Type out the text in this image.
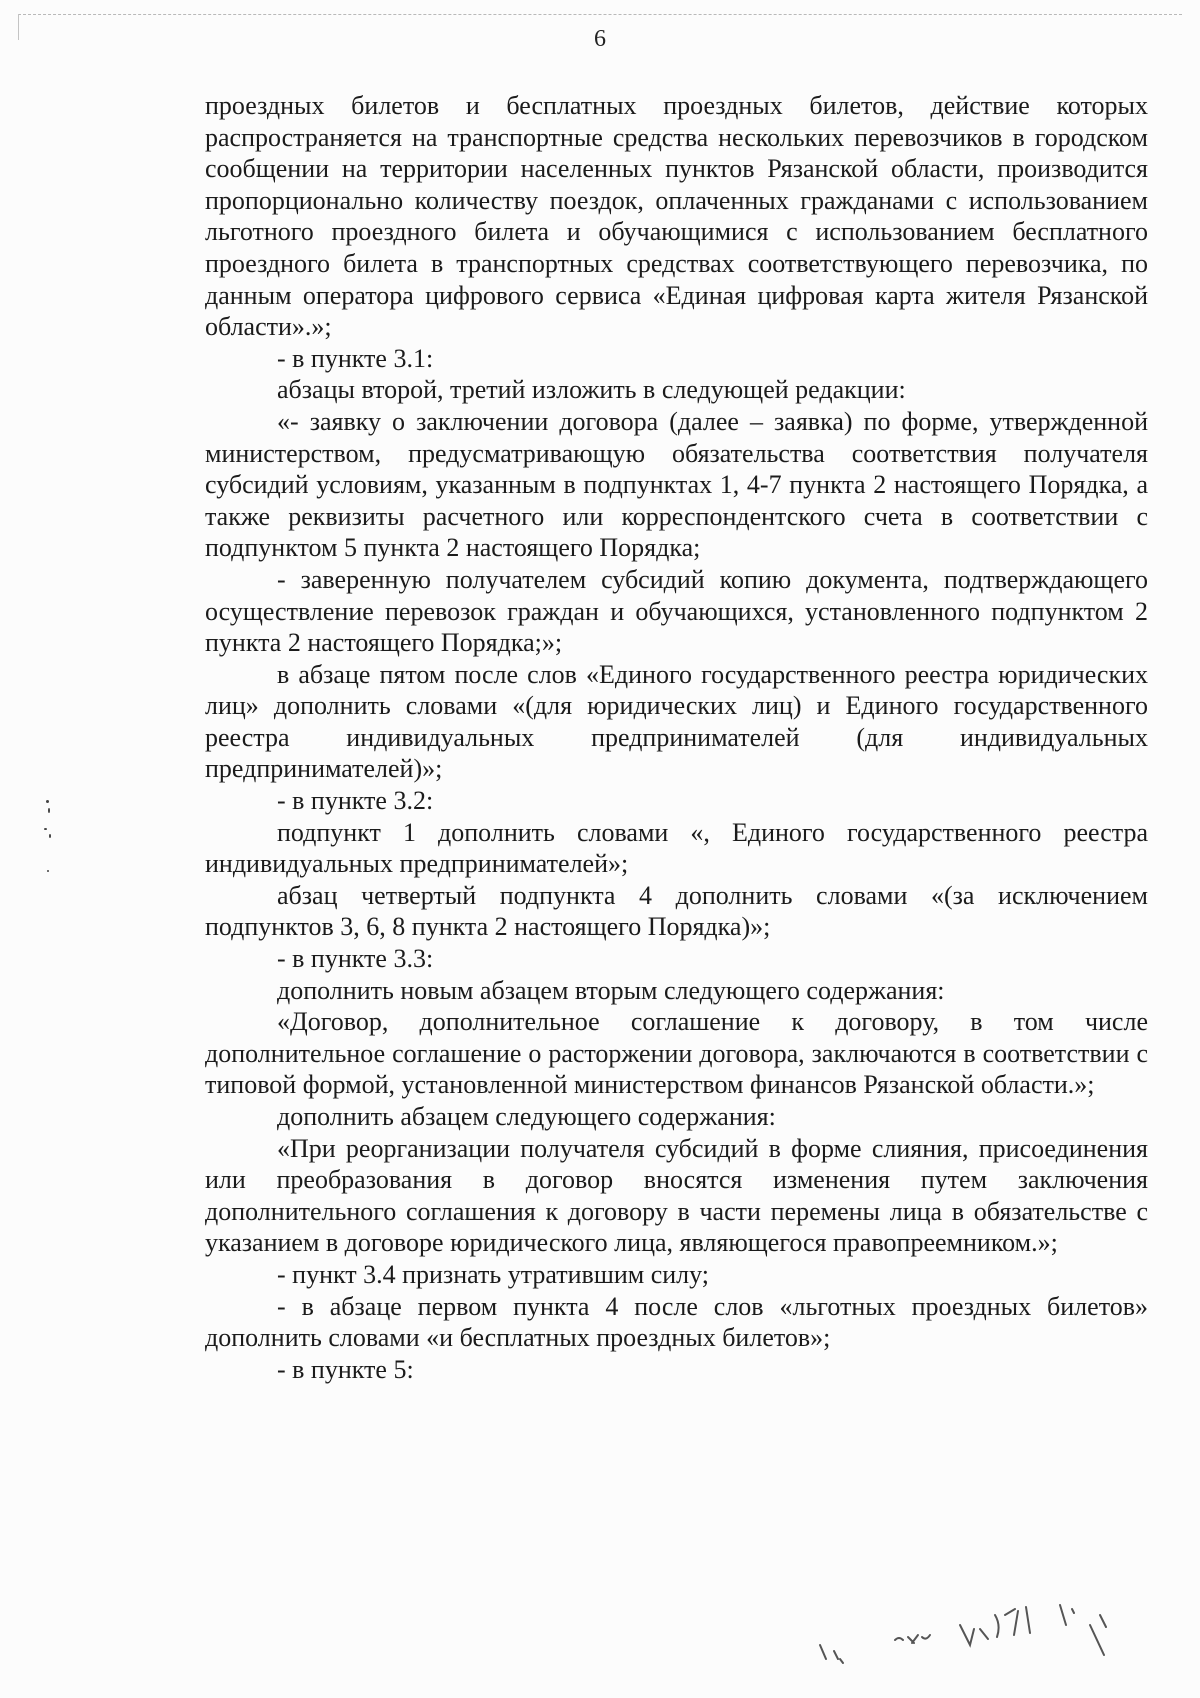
6

проездных билетов и бесплатных проездных билетов, действие которых распространяется на транспортные средства нескольких перевозчиков в городском сообщении на территории населенных пунктов Рязанской области, производится пропорционально количеству поездок, оплаченных гражданами с использованием льготного проездного билета и обучающимися с использованием бесплатного проездного билета в транспортных средствах соответствующего перевозчика, по данным оператора цифрового сервиса «Единая цифровая карта жителя Рязанской области».»;

- в пункте 3.1:

абзацы второй, третий изложить в следующей редакции:

«- заявку о заключении договора (далее – заявка) по форме, утвержденной министерством, предусматривающую обязательства соответствия получателя субсидий условиям, указанным в подпунктах 1, 4-7 пункта 2 настоящего Порядка, а также реквизиты расчетного или корреспондентского счета в соответствии с подпунктом 5 пункта 2 настоящего Порядка;

- заверенную получателем субсидий копию документа, подтверждающего осуществление перевозок граждан и обучающихся, установленного подпунктом 2 пункта 2 настоящего Порядка;»;

в абзаце пятом после слов «Единого государственного реестра юридических лиц» дополнить словами «(для юридических лиц) и Единого государственного реестра индивидуальных предпринимателей (для индивидуальных предпринимателей)»;

- в пункте 3.2:

подпункт 1 дополнить словами «, Единого государственного реестра индивидуальных предпринимателей»;

абзац четвертый подпункта 4 дополнить словами «(за исключением подпунктов 3, 6, 8 пункта 2 настоящего Порядка)»;

- в пункте 3.3:

дополнить новым абзацем вторым следующего содержания:

«Договор, дополнительное соглашение к договору, в том числе дополнительное соглашение о расторжении договора, заключаются в соответствии с типовой формой, установленной министерством финансов Рязанской области.»;

дополнить абзацем следующего содержания:

«При реорганизации получателя субсидий в форме слияния, присоединения или преобразования в договор вносятся изменения путем заключения дополнительного соглашения к договору в части перемены лица в обязательстве с указанием в договоре юридического лица, являющегося правопреемником.»;

- пункт 3.4 признать утратившим силу;

- в абзаце первом пункта 4 после слов «льготных проездных билетов» дополнить словами «и бесплатных проездных билетов»;

- в пункте 5:
